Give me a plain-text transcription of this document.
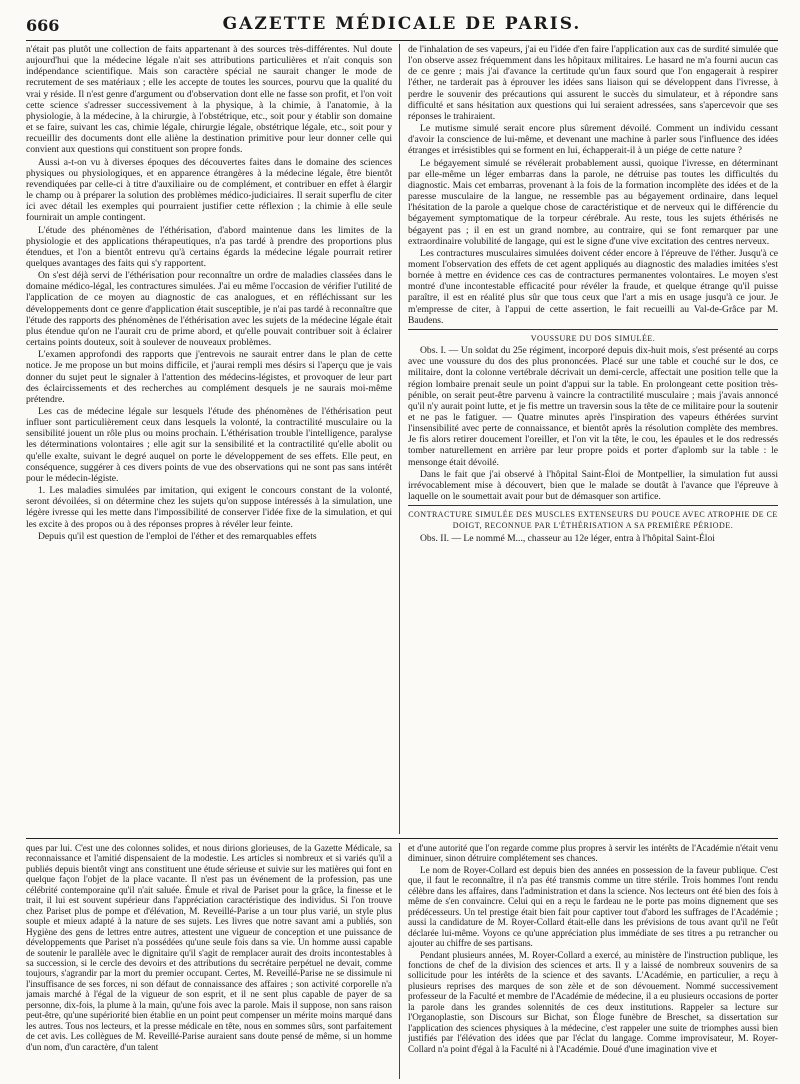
666	GAZETTE MÉDICALE DE PARIS.

n'était pas plutôt une collection de faits appartenant à des sources très-différentes. Nul doute aujourd'hui que la médecine légale n'ait ses attributions particulières et n'ait conquis son indépendance scientifique. Mais son caractère spécial ne saurait changer le mode de recrutement de ses matériaux ; elle les accepte de toutes les sources, pourvu que la qualité du vrai y réside. Il n'est genre d'argument ou d'observation dont elle ne fasse son profit, et l'on voit cette science s'adresser successivement à la physique, à la chimie, à l'anatomie, à la physiologie, à la médecine, à la chirurgie, à l'obstétrique, etc., soit pour y établir son domaine et se faire, suivant les cas, chimie légale, chirurgie légale, obstétrique légale, etc., soit pour y recueillir des documents dont elle aliène la destination primitive pour leur donner celle qui convient aux questions qui constituent son propre fonds.

Aussi a-t-on vu à diverses époques des découvertes faites dans le domaine des sciences physiques ou physiologiques, et en apparence étrangères à la médecine légale, être bientôt revendiquées par celle-ci à titre d'auxiliaire ou de complément, et contribuer en effet à élargir le champ ou à préparer la solution des problèmes médico-judiciaires. Il serait superflu de citer ici avec détail les exemples qui pourraient justifier cette réflexion ; la chimie à elle seule fournirait un ample contingent.

L'étude des phénomènes de l'éthérisation, d'abord maintenue dans les limites de la physiologie et des applications thérapeutiques, n'a pas tardé à prendre des proportions plus étendues, et l'on a bientôt entrevu qu'à certains égards la médecine légale pourrait retirer quelques avantages des faits qui s'y rapportent.

On s'est déjà servi de l'éthérisation pour reconnaître un ordre de maladies classées dans le domaine médico-légal, les contractures simulées. J'ai eu même l'occasion de vérifier l'utilité de l'application de ce moyen au diagnostic de cas analogues, et en réfléchissant sur les développements dont ce genre d'application était susceptible, je n'ai pas tardé à reconnaître que l'étude des rapports des phénomènes de l'éthérisation avec les sujets de la médecine légale était plus étendue qu'on ne l'aurait cru de prime abord, et qu'elle pouvait contribuer soit à éclairer certains points douteux, soit à soulever de nouveaux problèmes.

L'examen approfondi des rapports que j'entrevois ne saurait entrer dans le plan de cette notice. Je me propose un but moins difficile, et j'aurai rempli mes désirs si l'aperçu que je vais donner du sujet peut le signaler à l'attention des médecins-légistes, et provoquer de leur part des éclaircissements et des recherches au complément desquels je ne saurais moi-même prétendre.

Les cas de médecine légale sur lesquels l'étude des phénomènes de l'éthérisation peut influer sont particulièrement ceux dans lesquels la volonté, la contractilité musculaire ou la sensibilité jouent un rôle plus ou moins prochain. L'éthérisation trouble l'intelligence, paralyse les déterminations volontaires ; elle agit sur la sensibilité et la contractilité qu'elle abolit ou qu'elle exalte, suivant le degré auquel on porte le développement de ses effets. Elle peut, en conséquence, suggérer à ces divers points de vue des observations qui ne sont pas sans intérêt pour le médecin-légiste.

1. Les maladies simulées par imitation, qui exigent le concours constant de la volonté, seront dévoilées, si on détermine chez les sujets qu'on suppose intéressés à la simulation, une légère ivresse qui les mette dans l'impossibilité de conserver l'idée fixe de la simulation, et qui les excite à des propos ou à des réponses propres à révéler leur feinte.

Depuis qu'il est question de l'emploi de l'éther et des remarquables effets

de l'inhalation de ses vapeurs, j'ai eu l'idée d'en faire l'application aux cas de surdité simulée que l'on observe assez fréquemment dans les hôpitaux militaires. Le hasard ne m'a fourni aucun cas de ce genre ; mais j'ai d'avance la certitude qu'un faux sourd que l'on engagerait à respirer l'éther, ne tarderait pas à éprouver les idées sans liaison qui se développent dans l'ivresse, à perdre le souvenir des précautions qui assurent le succès du simulateur, et à répondre sans difficulté et sans hésitation aux questions qui lui seraient adressées, sans s'apercevoir que ses réponses le trahiraient.

Le mutisme simulé serait encore plus sûrement dévoilé. Comment un individu cessant d'avoir la conscience de lui-même, et devenant une machine à parler sous l'influence des idées étranges et irrésistibles qui se forment en lui, échapperait-il à un piége de cette nature ?

Le bégayement simulé se révélerait probablement aussi, quoique l'ivresse, en déterminant par elle-même un léger embarras dans la parole, ne détruise pas toutes les difficultés du diagnostic. Mais cet embarras, provenant à la fois de la formation incomplète des idées et de la paresse musculaire de la langue, ne ressemble pas au bégayement ordinaire, dans lequel l'hésitation de la parole a quelque chose de caractéristique et de nerveux qui le différencie du bégayement symptomatique de la torpeur cérébrale. Au reste, tous les sujets éthérisés ne bégayent pas ; il en est un grand nombre, au contraire, qui se font remarquer par une extraordinaire volubilité de langage, qui est le signe d'une vive excitation des centres nerveux.

Les contractures musculaires simulées doivent céder encore à l'épreuve de l'éther. Jusqu'à ce moment l'observation des effets de cet agent appliqués au diagnostic des maladies imitées s'est bornée à mettre en évidence ces cas de contractures permanentes volontaires. Le moyen s'est montré d'une incontestable efficacité pour révéler la fraude, et quelque étrange qu'il puisse paraître, il est en réalité plus sûr que tous ceux que l'art a mis en usage jusqu'à ce jour. Je m'empresse de citer, à l'appui de cette assertion, le fait recueilli au Val-de-Grâce par M. Baudens.

VOUSSURE DU DOS SIMULÉE.

Obs. I. — Un soldat du 25e régiment, incorporé depuis dix-huit mois, s'est présenté au corps avec une voussure du dos des plus prononcées. Placé sur une table et couché sur le dos, ce militaire, dont la colonne vertébrale décrivait un demi-cercle, affectait une position telle que la région lombaire prenait seule un point d'appui sur la table. En prolongeant cette position très-pénible, on serait peut-être parvenu à vaincre la contractilité musculaire ; mais j'avais annoncé qu'il n'y aurait point lutte, et je fis mettre un traversin sous la tête de ce militaire pour la soutenir et ne pas le fatiguer. — Quatre minutes après l'inspiration des vapeurs éthérées survint l'insensibilité avec perte de connaissance, et bientôt après la résolution complète des membres. Je fis alors retirer doucement l'oreiller, et l'on vit la tête, le cou, les épaules et le dos redressés tomber naturellement en arrière par leur propre poids et porter d'aplomb sur la table : le mensonge était dévoilé.

Dans le fait que j'ai observé à l'hôpital Saint-Éloi de Montpellier, la simulation fut aussi irrévocablement mise à découvert, bien que le malade se doutât à l'avance que l'épreuve à laquelle on le soumettait avait pour but de démasquer son artifice.

CONTRACTURE SIMULÉE DES MUSCLES EXTENSEURS DU POUCE AVEC ATROPHIE DE CE DOIGT, RECONNUE PAR L'ÉTHÉRISATION A SA PREMIÈRE PÉRIODE.

Obs. II. — Le nommé M..., chasseur au 12e léger, entra à l'hôpital Saint-Éloi

ques par lui. C'est une des colonnes solides, et nous dirions glorieuses, de la Gazette Médicale, sa reconnaissance et l'amitié dispensaient de la modestie. Les articles si nombreux et si variés qu'il a publiés depuis bientôt vingt ans constituent une étude sérieuse et suivie sur les matières qui font en quelque façon l'objet de la place vacante. Il n'est pas un événement de la profession, pas une célébrité contemporaine qu'il n'ait saluée. Émule et rival de Pariset pour la grâce, la finesse et le trait, il lui est souvent supérieur dans l'appréciation caractéristique des individus. Si l'on trouve chez Pariset plus de pompe et d'élévation, M. Reveillé-Parise a un tour plus varié, un style plus souple et mieux adapté à la nature de ses sujets. Les livres que notre savant ami a publiés, son Hygiène des gens de lettres entre autres, attestent une vigueur de conception et une puissance de développements que Pariset n'a possédées qu'une seule fois dans sa vie. Un homme aussi capable de soutenir le parallèle avec le dignitaire qu'il s'agit de remplacer aurait des droits incontestables à sa succession, si le cercle des devoirs et des attributions du secrétaire perpétuel ne devait, comme toujours, s'agrandir par la mort du premier occupant. Certes, M. Reveillé-Parise ne se dissimule ni l'insuffisance de ses forces, ni son défaut de connaissance des affaires ; son activité corporelle n'a jamais marché à l'égal de la vigueur de son esprit, et il ne sent plus capable de payer de sa personne, dix-fois, la plume à la main, qu'une fois avec la parole. Mais il suppose, non sans raison peut-être, qu'une supériorité bien établie en un point peut compenser un mérite moins marqué dans les autres. Tous nos lecteurs, et la presse médicale en tête, nous en sommes sûrs, sont parfaitement de cet avis. Les collègues de M. Reveillé-Parise auraient sans doute pensé de même, si un homme d'un nom, d'un caractère, d'un talent

et d'une autorité que l'on regarde comme plus propres à servir les intérêts de l'Académie n'était venu diminuer, sinon détruire complétement ses chances.

Le nom de Royer-Collard est depuis bien des années en possession de la faveur publique. C'est que, il faut le reconnaître, il n'a pas été transmis comme un titre stérile. Trois hommes l'ont rendu célèbre dans les affaires, dans l'administration et dans la science. Nos lecteurs ont été bien des fois à même de s'en convaincre. Celui qui en a reçu le fardeau ne le porte pas moins dignement que ses prédécesseurs. Un tel prestige était bien fait pour captiver tout d'abord les suffrages de l'Académie ; aussi la candidature de M. Royer-Collard était-elle dans les prévisions de tous avant qu'il ne l'eût déclarée lui-même. Voyons ce qu'une appréciation plus immédiate de ses titres a pu retrancher ou ajouter au chiffre de ses partisans.

Pendant plusieurs années, M. Royer-Collard a exercé, au ministère de l'instruction publique, les fonctions de chef de la division des sciences et arts. Il y a laissé de nombreux souvenirs de sa sollicitude pour les intérêts de la science et des savants. L'Académie, en particulier, a reçu à plusieurs reprises des marques de son zèle et de son dévouement. Nommé successivement professeur de la Faculté et membre de l'Académie de médecine, il a eu plusieurs occasions de porter la parole dans les grandes solennités de ces deux institutions. Rappeler sa lecture sur l'Organoplastie, son Discours sur Bichat, son Éloge funèbre de Breschet, sa dissertation sur l'application des sciences physiques à la médecine, c'est rappeler une suite de triomphes aussi bien justifiés par l'élévation des idées que par l'éclat du langage. Comme improvisateur, M. Royer-Collard n'a point d'égal à la Faculté ni à l'Académie. Doué d'une imagination vive et
